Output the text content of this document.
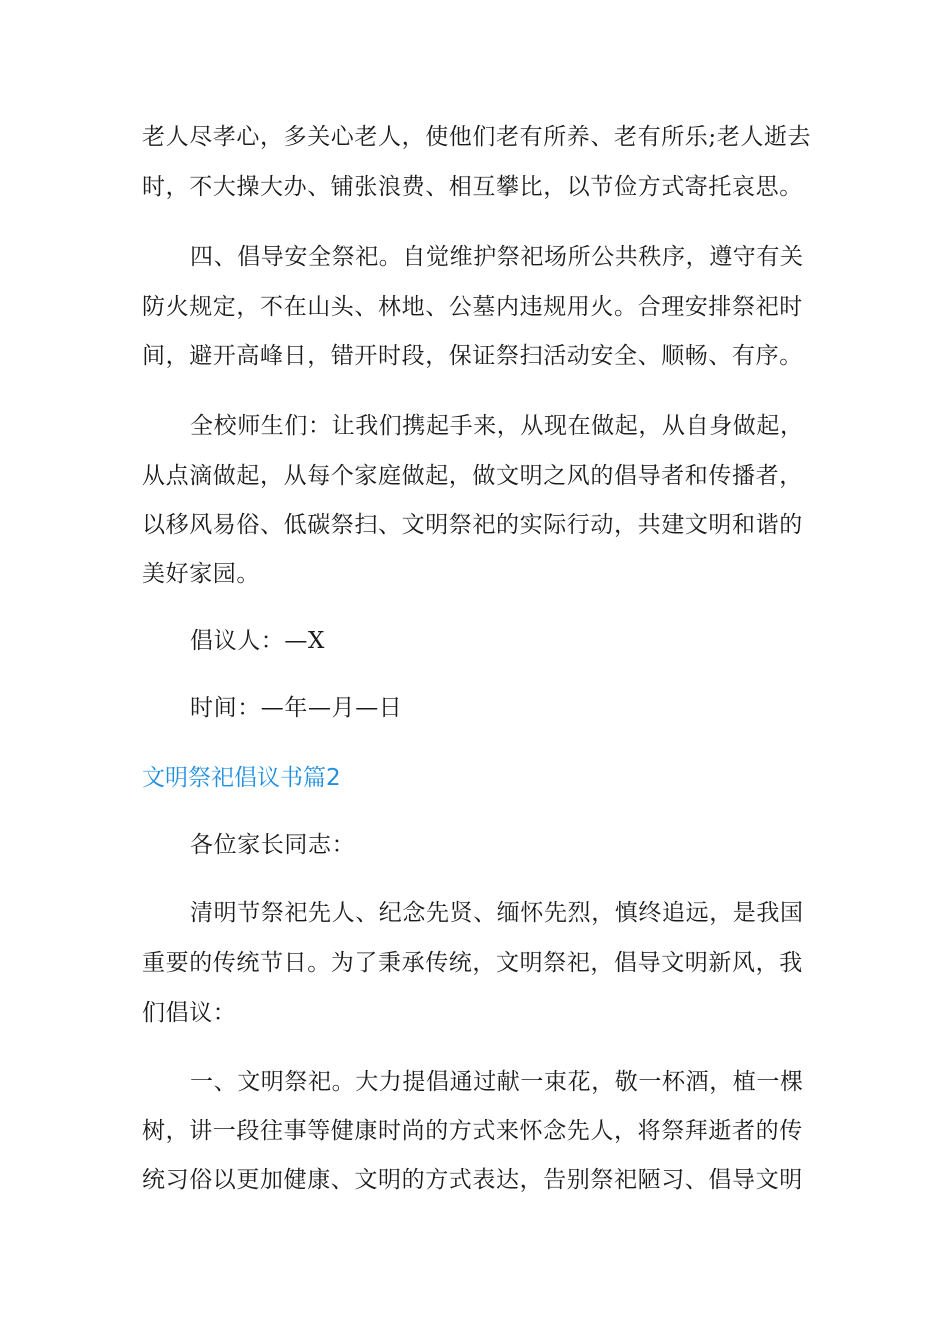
老人尽孝心，多关心老人，使他们老有所养、老有所乐;老人逝去
时，不大操大办、铺张浪费、相互攀比，以节俭方式寄托哀思。
四、倡导安全祭祀。自觉维护祭祀场所公共秩序，遵守有关
防火规定，不在山头、林地、公墓内违规用火。合理安排祭祀时
间，避开高峰日，错开时段，保证祭扫活动安全、顺畅、有序。
全校师生们：让我们携起手来，从现在做起，从自身做起，
从点滴做起，从每个家庭做起，做文明之风的倡导者和传播者，
以移风易俗、低碳祭扫、文明祭祀的实际行动，共建文明和谐的
美好家园。
倡议人：—X
时间：—年—月—日
文明祭祀倡议书篇2
各位家长同志：
清明节祭祀先人、纪念先贤、缅怀先烈，慎终追远，是我国
重要的传统节日。为了秉承传统，文明祭祀，倡导文明新风，我
们倡议：
一、文明祭祀。大力提倡通过献一束花，敬一杯酒，植一棵
树，讲一段往事等健康时尚的方式来怀念先人，将祭拜逝者的传
统习俗以更加健康、文明的方式表达，告别祭祀陋习、倡导文明
